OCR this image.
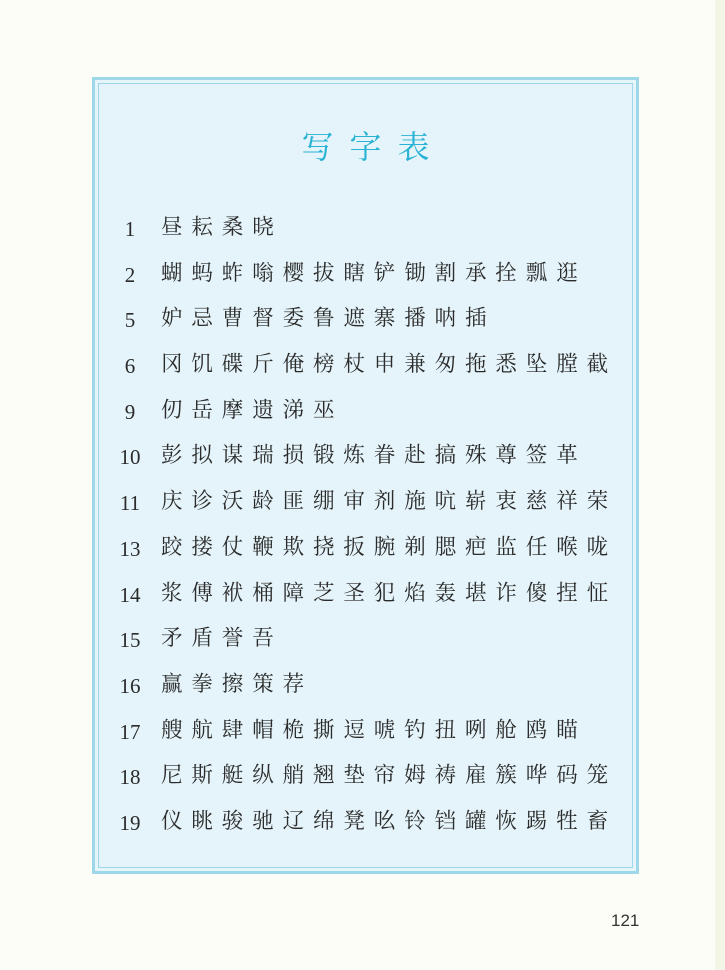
写字表
1	昼耘桑晓
2	蝴蚂蚱嗡樱拔瞎铲锄割承拴瓢逛
5	妒忌曹督委鲁遮寨播呐插
6	冈饥碟斤俺榜杖申兼匆拖悉坠膛截
9	仞岳摩遗涕巫
10 彭拟谋瑞损锻炼眷赴搞殊尊签革
11 庆诊沃龄匪绷审剂施吭崭衷慈祥荣
13 跤搂仗鞭欺挠扳腕剃腮疤监任喉咙
14 浆傅袱桶障芝圣犯焰轰堪诈傻捏怔
15 矛盾誉吾
16 赢拳擦策荐
17 艘航肆帽桅撕逗唬钓扭咧舱鸥瞄
18 尼斯艇纵艄翘垫帘姆祷雇簇哗码笼
19 仪眺骏驰辽绵凳吆铃铛罐恢踢牲畜
121
